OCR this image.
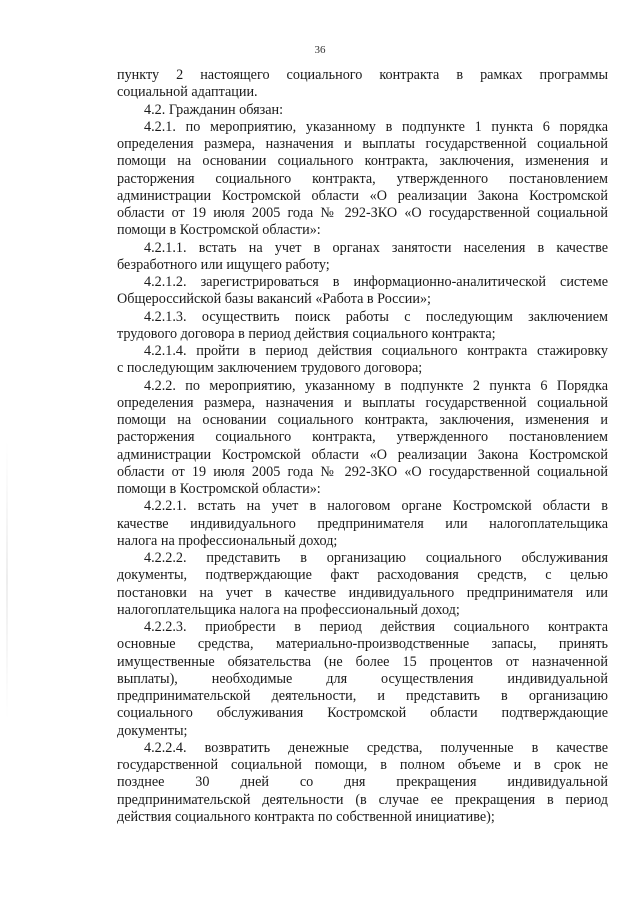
36
пункту 2 настоящего социального контракта в рамках программы
социальной адаптации.
4.2. Гражданин обязан:
4.2.1. по мероприятию, указанному в подпункте 1 пункта 6 порядка
определения размера, назначения и выплаты государственной социальной
помощи на основании социального контракта, заключения, изменения и
расторжения социального контракта, утвержденного постановлением
администрации Костромской области «О реализации Закона Костромской
области от 19 июля 2005 года № 292-ЗКО «О государственной социальной
помощи в Костромской области»:
4.2.1.1. встать на учет в органах занятости населения в качестве
безработного или ищущего работу;
4.2.1.2. зарегистрироваться в информационно-аналитической системе
Общероссийской базы вакансий «Работа в России»;
4.2.1.3. осуществить поиск работы с последующим заключением
трудового договора в период действия социального контракта;
4.2.1.4. пройти в период действия социального контракта стажировку
с последующим заключением трудового договора;
4.2.2. по мероприятию, указанному в подпункте 2 пункта 6 Порядка
определения размера, назначения и выплаты государственной социальной
помощи на основании социального контракта, заключения, изменения и
расторжения социального контракта, утвержденного постановлением
администрации Костромской области «О реализации Закона Костромской
области от 19 июля 2005 года № 292-ЗКО «О государственной социальной
помощи в Костромской области»:
4.2.2.1. встать на учет в налоговом органе Костромской области в
качестве индивидуального предпринимателя или налогоплательщика
налога на профессиональный доход;
4.2.2.2. представить в организацию социального обслуживания
документы, подтверждающие факт расходования средств, с целью
постановки на учет в качестве индивидуального предпринимателя или
налогоплательщика налога на профессиональный доход;
4.2.2.3. приобрести в период действия социального контракта
основные средства, материально-производственные запасы, принять
имущественные обязательства (не более 15 процентов от назначенной
выплаты), необходимые для осуществления индивидуальной
предпринимательской деятельности, и представить в организацию
социального обслуживания Костромской области подтверждающие
документы;
4.2.2.4. возвратить денежные средства, полученные в качестве
государственной социальной помощи, в полном объеме и в срок не
позднее 30 дней со дня прекращения индивидуальной
предпринимательской деятельности (в случае ее прекращения в период
действия социального контракта по собственной инициативе);
